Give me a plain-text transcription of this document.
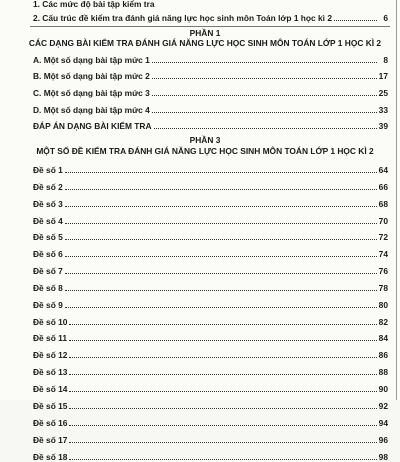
1. Các mức độ bài tập kiểm tra
2. Cấu trúc đề kiểm tra đánh giá năng lực học sinh môn Toán lớp 1 học kì 2	6
PHẦN 1
CÁC DẠNG BÀI KIỂM TRA ĐÁNH GIÁ NĂNG LỰC HỌC SINH MÔN TOÁN LỚP 1 HỌC KÌ 2
A. Một số dạng bài tập mức 1	8
B. Một số dạng bài tập mức 2	17
C. Một số dạng bài tập mức 3	25
D. Một số dạng bài tập mức 4	33
ĐÁP ÁN DẠNG BÀI KIỂM TRA	39
PHẦN 3
MỘT SỐ ĐỀ KIỂM TRA ĐÁNH GIÁ NĂNG LỰC HỌC SINH MÔN TOÁN LỚP 1 HỌC KÌ 2
Đề số 1	64
Đề số 2	66
Đề số 3	68
Đề số 4	70
Đề số 5	72
Đề số 6	74
Đề số 7	76
Đề số 8	78
Đề số 9	80
Đề số 10	82
Đề số 11	84
Đề số 12	86
Đề số 13	88
Đề số 14	90
Đề số 15	92
Đề số 16	94
Đề số 17	96
Đề số 18	98
